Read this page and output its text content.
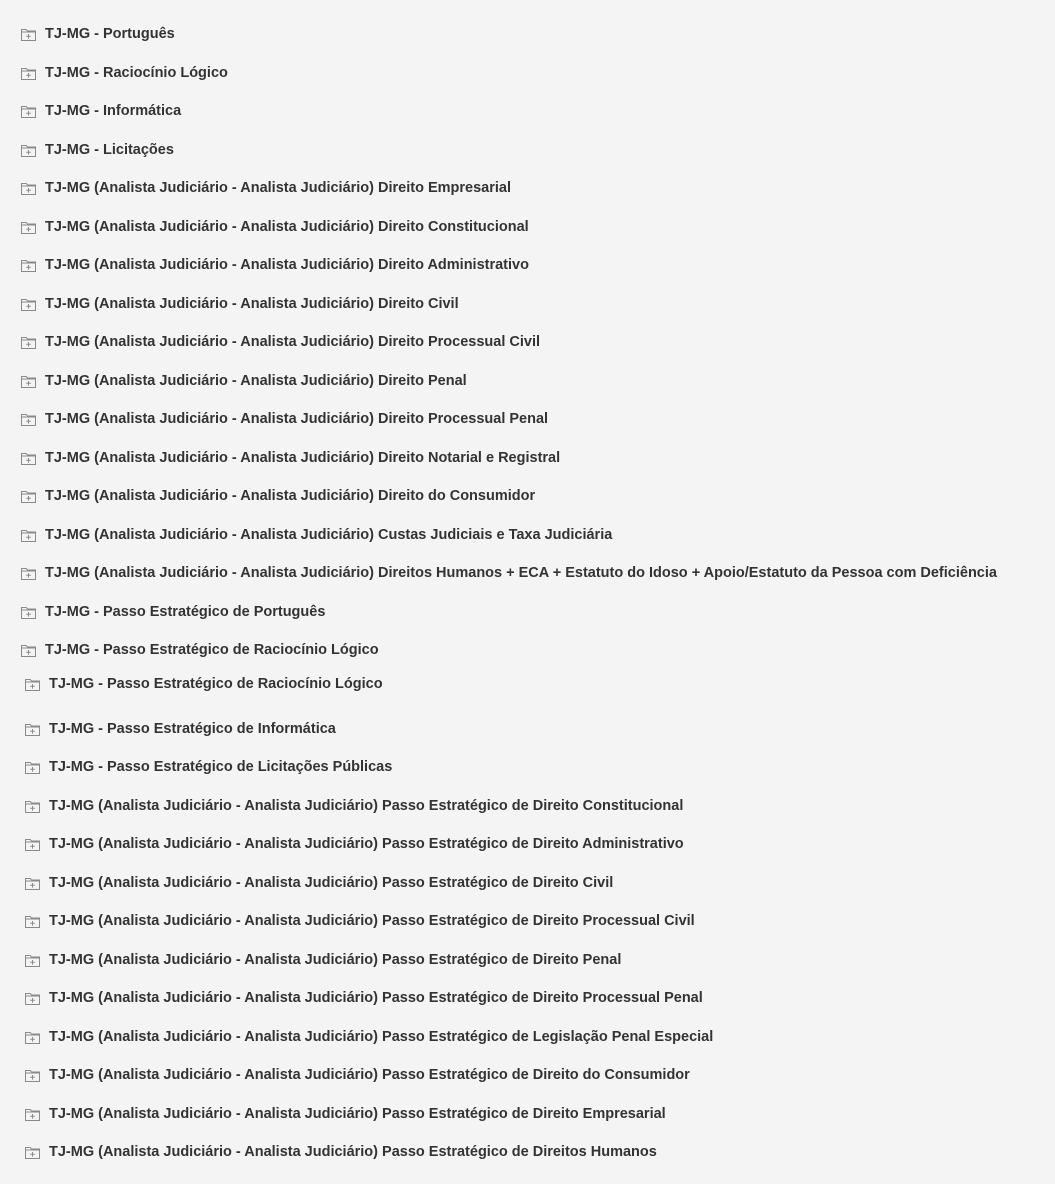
TJ-MG - Português
TJ-MG - Raciocínio Lógico
TJ-MG - Informática
TJ-MG - Licitações
TJ-MG (Analista Judiciário - Analista Judiciário) Direito Empresarial
TJ-MG (Analista Judiciário - Analista Judiciário) Direito Constitucional
TJ-MG (Analista Judiciário - Analista Judiciário) Direito Administrativo
TJ-MG (Analista Judiciário - Analista Judiciário) Direito Civil
TJ-MG (Analista Judiciário - Analista Judiciário) Direito Processual Civil
TJ-MG (Analista Judiciário - Analista Judiciário) Direito Penal
TJ-MG (Analista Judiciário - Analista Judiciário) Direito Processual Penal
TJ-MG (Analista Judiciário - Analista Judiciário) Direito Notarial e Registral
TJ-MG (Analista Judiciário - Analista Judiciário) Direito do Consumidor
TJ-MG (Analista Judiciário - Analista Judiciário) Custas Judiciais e Taxa Judiciária
TJ-MG (Analista Judiciário - Analista Judiciário) Direitos Humanos + ECA + Estatuto do Idoso + Apoio/Estatuto da Pessoa com Deficiência
TJ-MG - Passo Estratégico de Português
TJ-MG - Passo Estratégico de Raciocínio Lógico
TJ-MG - Passo Estratégico de Raciocínio Lógico
TJ-MG - Passo Estratégico de Informática
TJ-MG - Passo Estratégico de Licitações Públicas
TJ-MG (Analista Judiciário - Analista Judiciário) Passo Estratégico de Direito Constitucional
TJ-MG (Analista Judiciário - Analista Judiciário) Passo Estratégico de Direito Administrativo
TJ-MG (Analista Judiciário - Analista Judiciário) Passo Estratégico de Direito Civil
TJ-MG (Analista Judiciário - Analista Judiciário) Passo Estratégico de Direito Processual Civil
TJ-MG (Analista Judiciário - Analista Judiciário) Passo Estratégico de Direito Penal
TJ-MG (Analista Judiciário - Analista Judiciário) Passo Estratégico de Direito Processual Penal
TJ-MG (Analista Judiciário - Analista Judiciário) Passo Estratégico de Legislação Penal Especial
TJ-MG (Analista Judiciário - Analista Judiciário) Passo Estratégico de Direito do Consumidor
TJ-MG (Analista Judiciário - Analista Judiciário) Passo Estratégico de Direito Empresarial
TJ-MG (Analista Judiciário - Analista Judiciário) Passo Estratégico de Direitos Humanos
